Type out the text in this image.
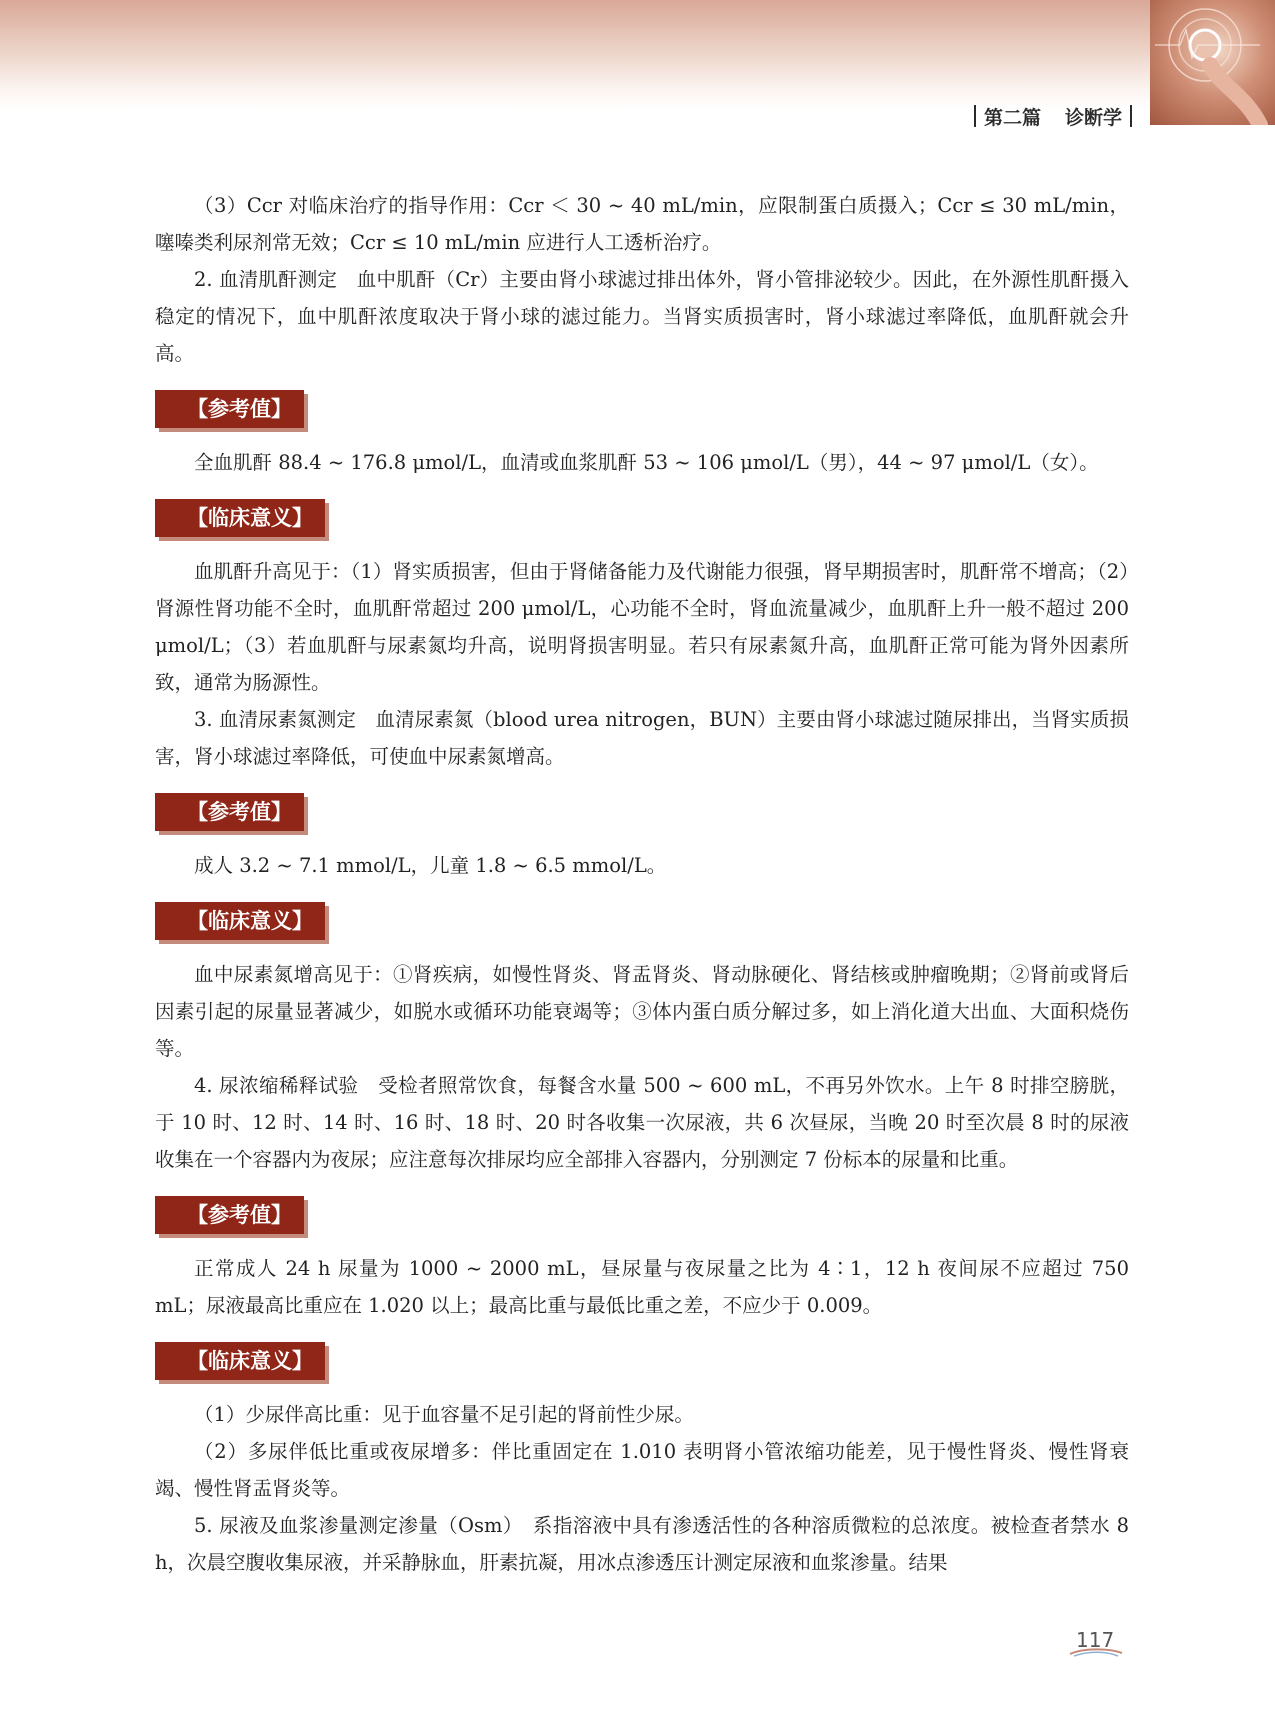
第二篇 诊断学

（3）Ccr 对临床治疗的指导作用：Ccr ＜ 30 ~ 40 mL/min，应限制蛋白质摄入；Ccr ≤ 30 mL/min，噻嗪类利尿剂常无效；Ccr ≤ 10 mL/min 应进行人工透析治疗。

2. 血清肌酐测定　血中肌酐（Cr）主要由肾小球滤过排出体外，肾小管排泌较少。因此，在外源性肌酐摄入稳定的情况下，血中肌酐浓度取决于肾小球的滤过能力。当肾实质损害时，肾小球滤过率降低，血肌酐就会升高。

【参考值】

全血肌酐 88.4 ~ 176.8 μmol/L，血清或血浆肌酐 53 ~ 106 μmol/L（男），44 ~ 97 μmol/L（女）。

【临床意义】

血肌酐升高见于：（1）肾实质损害，但由于肾储备能力及代谢能力很强，肾早期损害时，肌酐常不增高；（2）肾源性肾功能不全时，血肌酐常超过 200 μmol/L，心功能不全时，肾血流量减少，血肌酐上升一般不超过 200 μmol/L；（3）若血肌酐与尿素氮均升高，说明肾损害明显。若只有尿素氮升高，血肌酐正常可能为肾外因素所致，通常为肠源性。

3. 血清尿素氮测定　血清尿素氮（blood urea nitrogen，BUN）主要由肾小球滤过随尿排出，当肾实质损害，肾小球滤过率降低，可使血中尿素氮增高。

【参考值】

成人 3.2 ~ 7.1 mmol/L，儿童 1.8 ~ 6.5 mmol/L。

【临床意义】

血中尿素氮增高见于：①肾疾病，如慢性肾炎、肾盂肾炎、肾动脉硬化、肾结核或肿瘤晚期；②肾前或肾后因素引起的尿量显著减少，如脱水或循环功能衰竭等；③体内蛋白质分解过多，如上消化道大出血、大面积烧伤等。

4. 尿浓缩稀释试验　受检者照常饮食，每餐含水量 500 ~ 600 mL，不再另外饮水。上午 8 时排空膀胱，于 10 时、12 时、14 时、16 时、18 时、20 时各收集一次尿液，共 6 次昼尿，当晚 20 时至次晨 8 时的尿液收集在一个容器内为夜尿；应注意每次排尿均应全部排入容器内，分别测定 7 份标本的尿量和比重。

【参考值】

正常成人 24 h 尿量为 1000 ~ 2000 mL，昼尿量与夜尿量之比为 4∶1，12 h 夜间尿不应超过 750 mL；尿液最高比重应在 1.020 以上；最高比重与最低比重之差，不应少于 0.009。

【临床意义】

（1）少尿伴高比重：见于血容量不足引起的肾前性少尿。

（2）多尿伴低比重或夜尿增多：伴比重固定在 1.010 表明肾小管浓缩功能差，见于慢性肾炎、慢性肾衰竭、慢性肾盂肾炎等。

5. 尿液及血浆渗量测定渗量（Osm）　系指溶液中具有渗透活性的各种溶质微粒的总浓度。被检查者禁水 8 h，次晨空腹收集尿液，并采静脉血，肝素抗凝，用冰点渗透压计测定尿液和血浆渗量。结果

117
